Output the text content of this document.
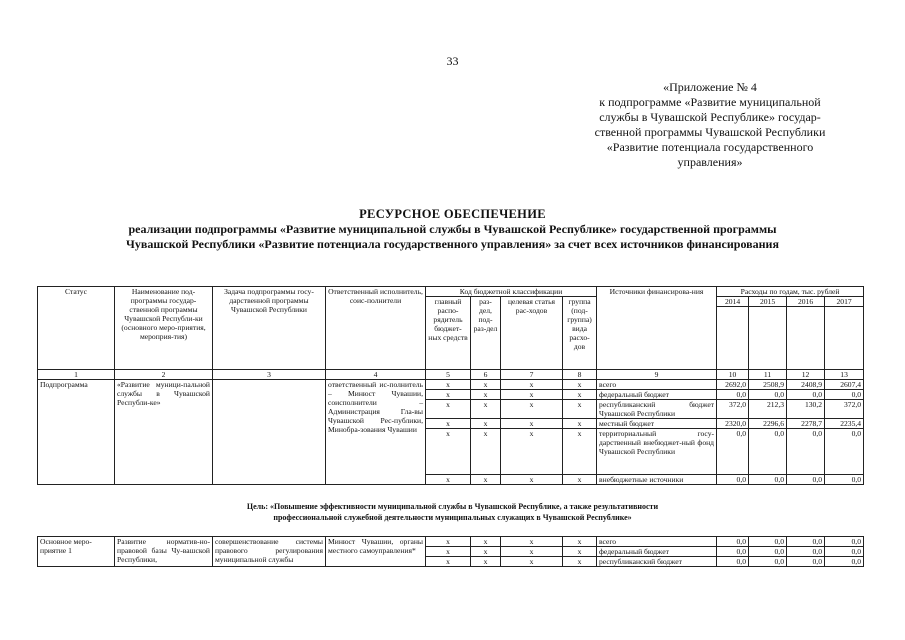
33
«Приложение № 4
к подпрограмме «Развитие муниципальной
службы в Чувашской Республике» государ-
ственной программы Чувашской Республики
«Развитие потенциала государственного
управления»
РЕСУРСНОЕ ОБЕСПЕЧЕНИЕ
реализации подпрограммы «Развитие муниципальной службы в Чувашской Республике» государственной программы
Чувашской Республики «Развитие потенциала государственного управления» за счет всех источников финансирования
Статус	Наименование под-программы государ-ственной программы Чувашской Республи-ки (основного меро-приятия, мероприя-тия)	Задача подпрограммы госу-дарственной программы Чувашской Республики	Ответственный исполнитель, соис-полнители	Код бюджетной классификации				Источники финансирова-ния	Расходы по годам, тыс. рублей			
				главный распо-рядитель бюджет-ных средств	раз-дел, под-раз-дел	целевая статья рас-ходов	группа (под-группа) вида расхо-дов		2014	2015	2016	2017

1	2	3	4	5	6	7	8	9	10	11	12	13
Подпрограмма	«Развитие муници-пальной службы в Чувашской Республи-ке»		ответственный ис-полнитель – Минюст Чувашии, соисполнители – Администрация Гла-вы Чувашской Рес-публики, Минобра-зования Чувашии	x	x	x	x	всего	2692,0	2508,9	2408,9	2607,4
				x	x	x	x	федеральный бюджет	0,0	0,0	0,0	0,0
				x	x	x	x	республиканский бюджет Чувашской Республики	372,0	212,3	130,2	372,0
				x	x	x	x	местный бюджет	2320,0	2296,6	2278,7	2235,4
				x	x	x	x	территориальный госу-дарственный внебюджет-ный фонд Чувашской Республики	0,0	0,0	0,0	0,0
				x	x	x	x	внебюджетные источники	0,0	0,0	0,0	0,0
Цель: «Повышение эффективности муниципальной службы в Чувашской Республике, а также результативности
профессиональной служебной деятельности муниципальных служащих в Чувашской Республике»
Основное меро-приятие 1	Развитие норматив-но-правовой базы Чу-вашской Республики,	совершенствование системы правового регулирования муниципальной службы	Минюст Чувашии, органы местного самоуправления*	x	x	x	x	всего	0,0	0,0	0,0	0,0
				x	x	x	x	федеральный бюджет	0,0	0,0	0,0	0,0
				x	x	x	x	республиканский бюджет	0,0	0,0	0,0	0,0
